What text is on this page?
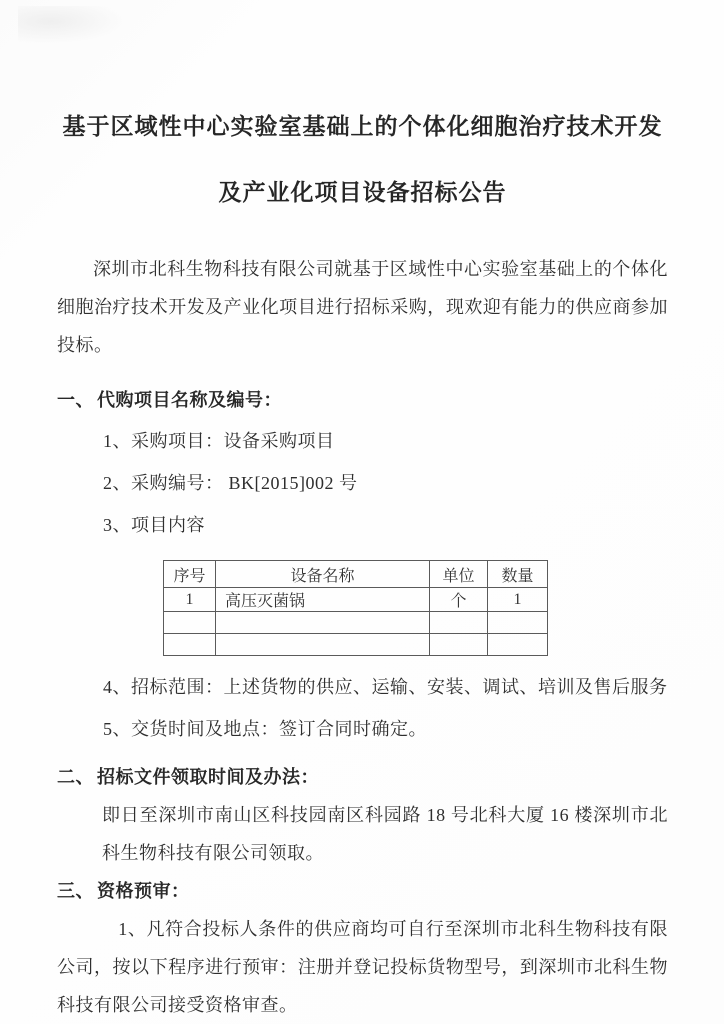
基于区域性中心实验室基础上的个体化细胞治疗技术开发
及产业化项目设备招标公告

深圳市北科生物科技有限公司就基于区域性中心实验室基础上的个体化细胞治疗技术开发及产业化项目进行招标采购，现欢迎有能力的供应商参加投标。

一、 代购项目名称及编号：

1、采购项目：设备采购项目

2、采购编号： BK[2015]002 号

3、项目内容

序号	设备名称	单位	数量
1	高压灭菌锅	个	1

4、招标范围：上述货物的供应、运输、安装、调试、培训及售后服务

5、交货时间及地点：签订合同时确定。

二、 招标文件领取时间及办法：

即日至深圳市南山区科技园南区科园路 18 号北科大厦 16 楼深圳市北科生物科技有限公司领取。

三、 资格预审：

1、凡符合投标人条件的供应商均可自行至深圳市北科生物科技有限公司，按以下程序进行预审：注册并登记投标货物型号，到深圳市北科生物科技有限公司接受资格审查。
